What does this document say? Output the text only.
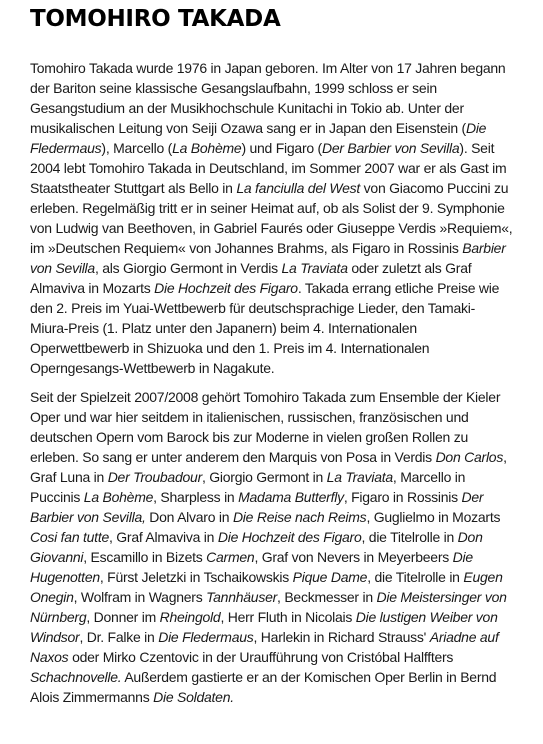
TOMOHIRO TAKADA

Tomohiro Takada wurde 1976 in Japan geboren. Im Alter von 17 Jahren begann der Bariton seine klassische Gesangslaufbahn, 1999 schloss er sein Gesangstudium an der Musikhochschule Kunitachi in Tokio ab. Unter der musikalischen Leitung von Seiji Ozawa sang er in Japan den Eisenstein (Die Fledermaus), Marcello (La Bohème) und Figaro (Der Barbier von Sevilla). Seit 2004 lebt Tomohiro Takada in Deutschland, im Sommer 2007 war er als Gast im Staatstheater Stuttgart als Bello in La fanciulla del West von Giacomo Puccini zu erleben. Regelmäßig tritt er in seiner Heimat auf, ob als Solist der 9. Symphonie von Ludwig van Beethoven, in Gabriel Faurés oder Giuseppe Verdis »Requiem«, im »Deutschen Requiem« von Johannes Brahms, als Figaro in Rossinis Barbier von Sevilla, als Giorgio Germont in Verdis La Traviata oder zuletzt als Graf Almaviva in Mozarts Die Hochzeit des Figaro. Takada errang etliche Preise wie den 2. Preis im Yuai-Wettbewerb für deutschsprachige Lieder, den Tamaki-Miura-Preis (1. Platz unter den Japanern) beim 4. Internationalen Operwettbewerb in Shizuoka und den 1. Preis im 4. Internationalen Operngesangs-Wettbewerb in Nagakute.

Seit der Spielzeit 2007/2008 gehört Tomohiro Takada zum Ensemble der Kieler Oper und war hier seitdem in italienischen, russischen, französischen und deutschen Opern vom Barock bis zur Moderne in vielen großen Rollen zu erleben. So sang er unter anderem den Marquis von Posa in Verdis Don Carlos, Graf Luna in Der Troubadour, Giorgio Germont in La Traviata, Marcello in Puccinis La Bohème, Sharpless in Madama Butterfly, Figaro in Rossinis Der Barbier von Sevilla, Don Alvaro in Die Reise nach Reims, Guglielmo in Mozarts Cosi fan tutte, Graf Almaviva in Die Hochzeit des Figaro, die Titelrolle in Don Giovanni, Escamillo in Bizets Carmen, Graf von Nevers in Meyerbeers Die Hugenotten, Fürst Jeletzki in Tschaikowskis Pique Dame, die Titelrolle in Eugen Onegin, Wolfram in Wagners Tannhäuser, Beckmesser in Die Meistersinger von Nürnberg, Donner im Rheingold, Herr Fluth in Nicolais Die lustigen Weiber von Windsor, Dr. Falke in Die Fledermaus, Harlekin in Richard Strauss' Ariadne auf Naxos oder Mirko Czentovic in der Uraufführung von Cristóbal Halffters Schachnovelle. Außerdem gastierte er an der Komischen Oper Berlin in Bernd Alois Zimmermanns Die Soldaten.
